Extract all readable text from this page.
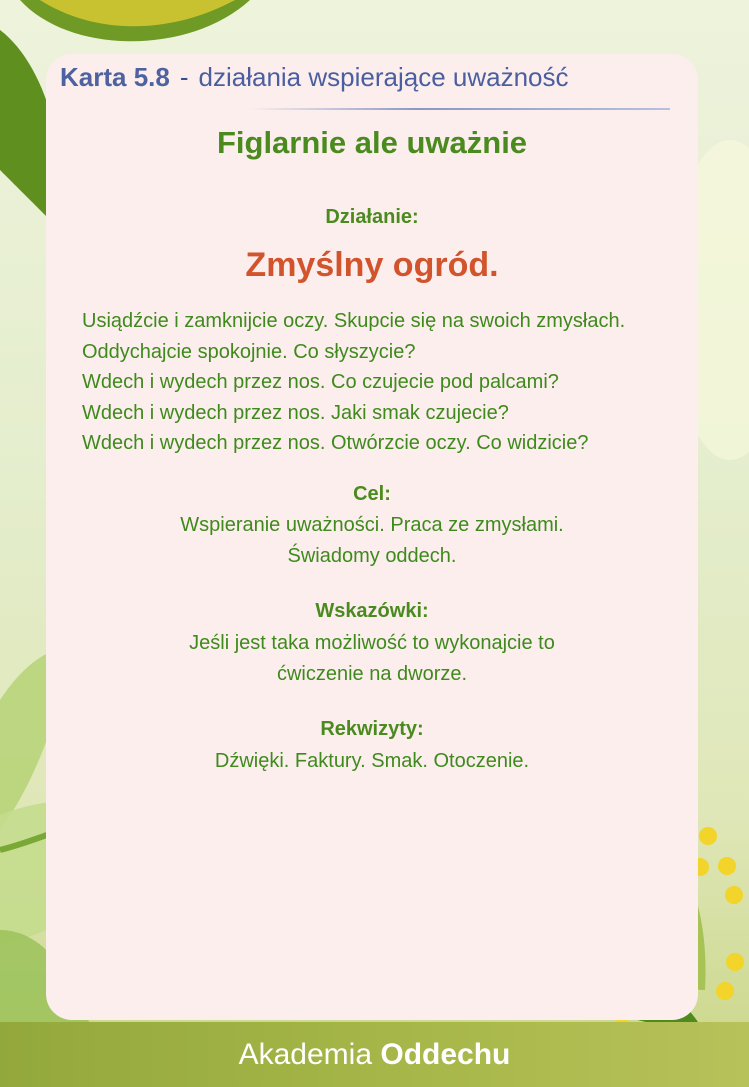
Karta 5.8 - działania wspierające uważność
Figlarnie ale uważnie
Działanie:
Zmyślny ogród.
Usiądźcie i zamknijcie oczy. Skupcie się na swoich zmysłach.
Oddychajcie spokojnie. Co słyszycie?
Wdech i wydech przez nos. Co czujecie pod palcami?
Wdech i wydech przez nos. Jaki smak czujecie?
Wdech i wydech przez nos. Otwórzcie oczy. Co widzicie?
Cel:
Wspieranie uważności. Praca ze zmysłami.
Świadomy oddech.
Wskazówki:
Jeśli jest taka możliwość to wykonajcie to
ćwiczenie na dworze.
Rekwizyty:
Dźwięki. Faktury. Smak. Otoczenie.
Akademia Oddechu
